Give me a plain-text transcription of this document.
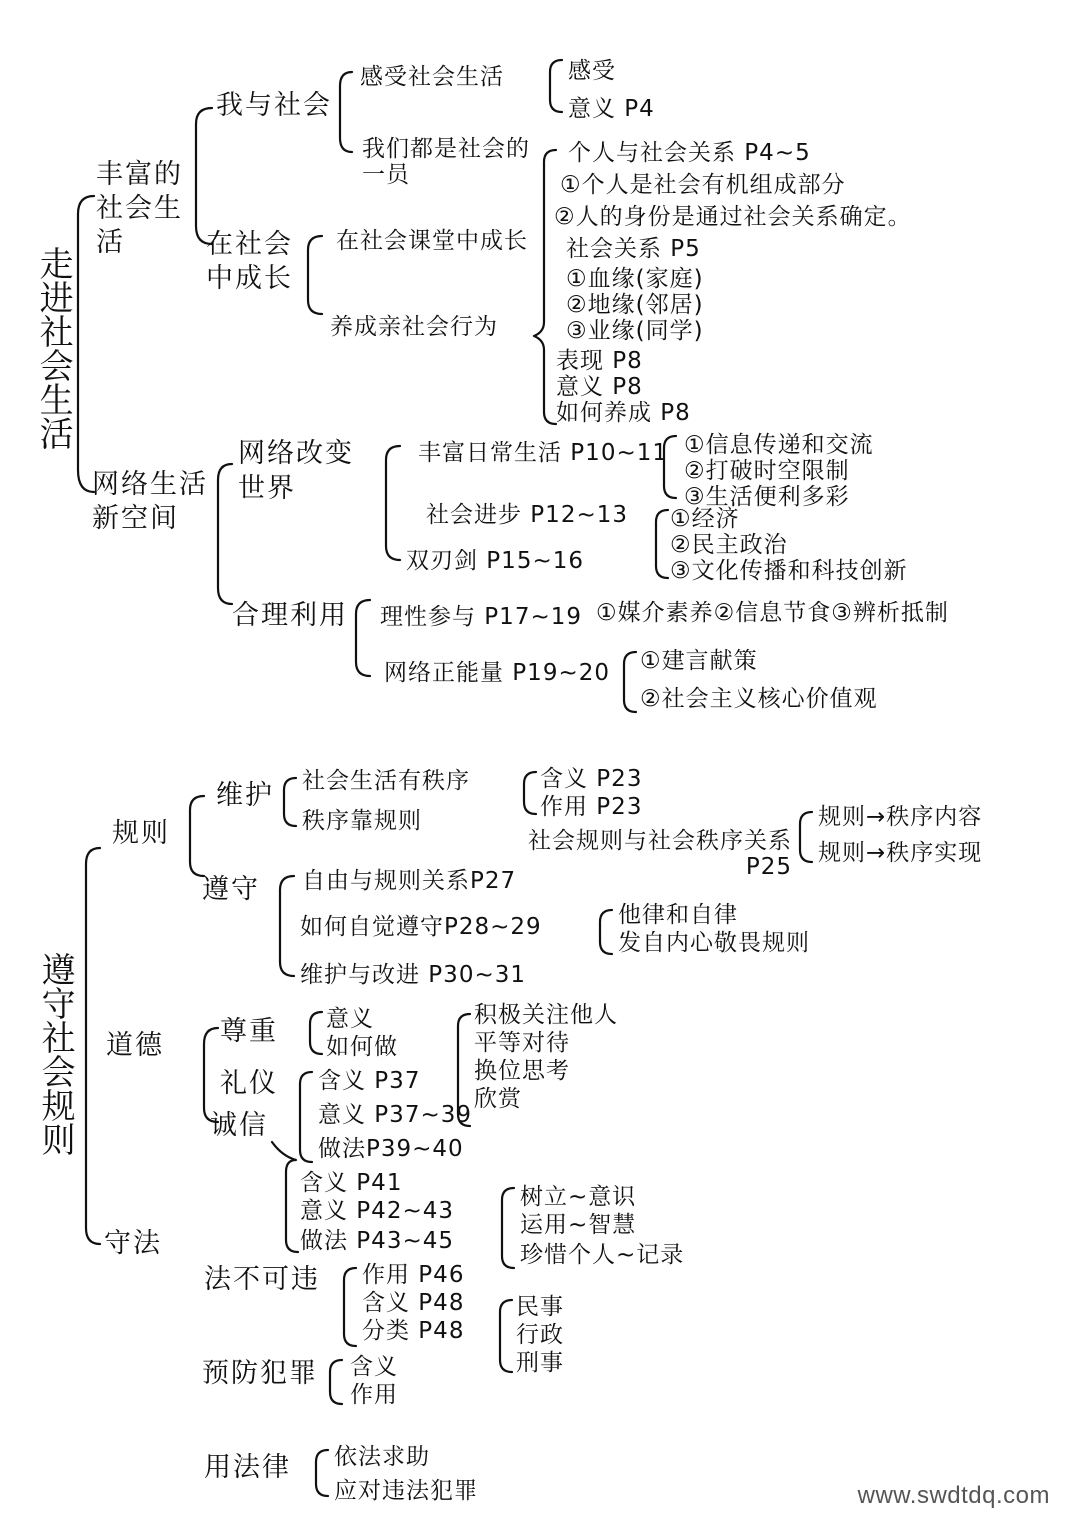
走进社会生活
丰富的社会生活
我与社会
感受社会生活	感受
意义 P4
我们都是社会的一员
个人与社会关系 P4~5
①个人是社会有机组成部分
②人的身份是通过社会关系确定。
社会关系 P5
①血缘(家庭)
②地缘(邻居)
③业缘(同学)
在社会中成长
在社会课堂中成长
养成亲社会行为
表现 P8
意义 P8
如何养成 P8
网络生活新空间
网络改变世界
丰富日常生活 P10~11 ①信息传递和交流
②打破时空限制
③生活便利多彩
社会进步 P12~13 ①经济
②民主政治
③文化传播和科技创新
双刃剑 P15~16
合理利用 理性参与 P17~19 ①媒介素养②信息节食③辨析抵制
网络正能量 P19~20 ①建言献策
②社会主义核心价值观
遵守社会规则
规则
维护 社会生活有秩序	含义 P23
作用 P23
秩序靠规则
社会规则与社会秩序关系 P25
规则→秩序内容
规则→秩序实现
遵守 自由与规则关系P27
如何自觉遵守P28~29	他律和自律
发自内心敬畏规则
维护与改进 P30~31
道德 尊重 意义
如何做
积极关注他人
平等对待
换位思考
欣赏
礼仪 含义 P37
意义 P37~39
做法P39~40
诚信
含义 P41
意义 P42~43
做法 P43~45
树立~意识
运用~智慧
珍惜个人~记录
守法
法不可违 作用 P46
含义 P48
分类 P48
民事
行政
刑事
预防犯罪 含义
作用
用法律 依法求助
应对违法犯罪	www.swdtdq.com
